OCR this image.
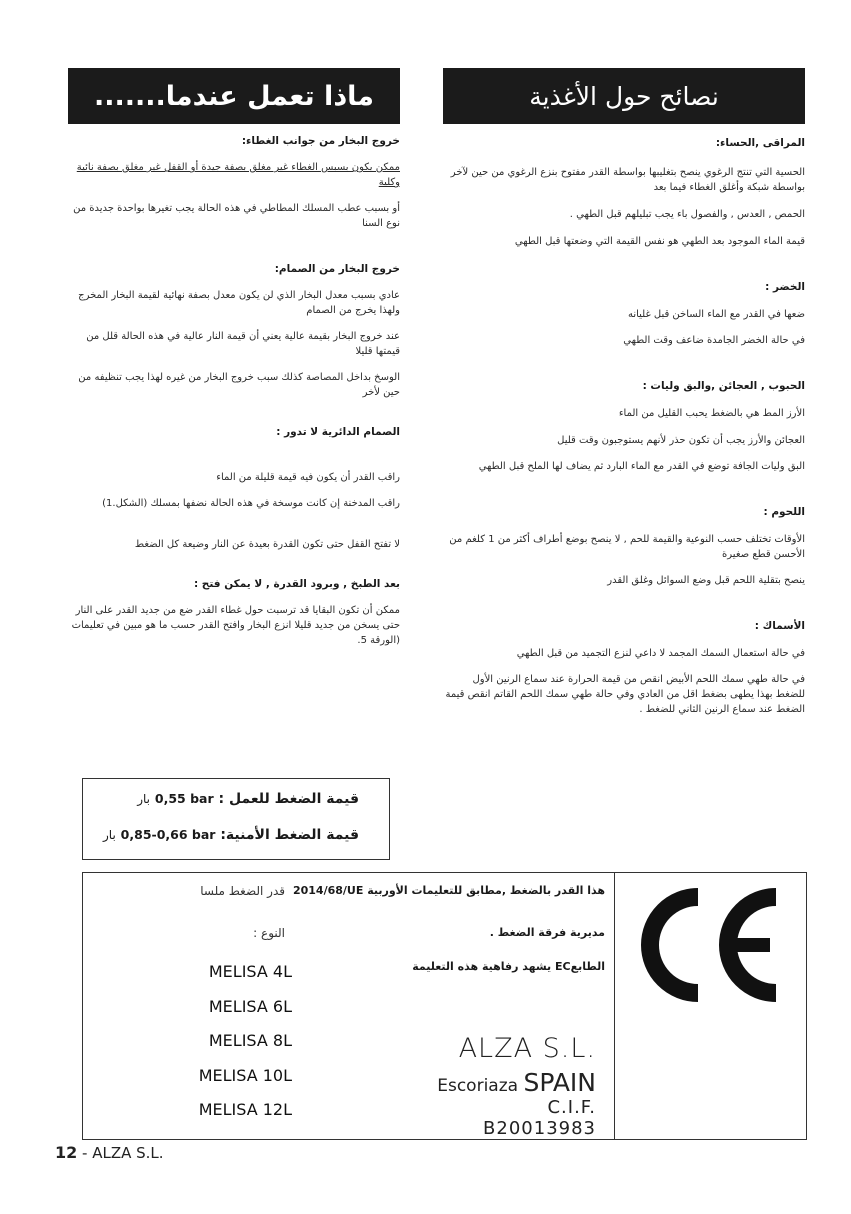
ماذا تعمل عندما.......

خروج البخار من جوانب الغطاء:

ممكن يكون بسبس الغطاء غير مغلق بصفة جيدة أو القفل غير مغلق بصفة نائية وكلية

أو بسبب عطب المسلك المطاطي في هذه الحالة يجب تغيرها بواحدة جديدة من نوع السنا

خروج البخار من الصمام:

عادي بسبب معدل البخار الذي لن يكون معدل بصفة نهائية لقيمة البخار المخرج ولهذا يخرج من الصمام

عند خروج البخار بقيمة عالية يعني أن قيمة النار عالية في هذه الحالة قلل من قيمتها قليلا

الوسخ بداخل المصاصة كذلك سبب خروج البخار من غيره لهذا يجب تنظيفه من حين لأخر

الصمام الدائرية لا تدور :

راقب القدر أن يكون فيه قيمة قليلة من الماء

راقب المدخنة إن كانت موسخة في هذه الحالة نضفها بمسلك (الشكل.1)

لا تفتح القفل حتى تكون القدرة بعيدة عن النار وضيعة كل الضغط

بعد الطبخ , وبرود القدرة , لا يمكن فتح :

ممكن أن تكون البقايا قد ترسبت حول غطاء القدر ضع من جديد القدر على النار حتى يسخن من جديد قليلا انزع البخار وافتح القدر حسب ما هو مبين في تعليمات (الورقة 5.

نصائح حول الأغذية

المراقى ,الحساء:

الحسية التي تنتج الرغوي ينصح بتغليبها بواسطة القدر مفتوح بنزع الرغوي من حين لآخر بواسطة شبكة وأغلق الغطاء فيما بعد

الحمص , العدس , والفصول باء يجب تبليلهم قبل الطهي .

قيمة الماء الموجود بعد الطهي هو نفس القيمة التي وضعتها قبل الطهي

الخضر :

ضعها في القدر مع الماء الساخن قبل غليانه

في حالة الخضر الجامدة ضاعف وقت الطهي

الحبوب , العجائن ,والبق وليات :

الأرز المط هي بالضغط يحبب القليل من الماء

العجائن والأرز يجب أن تكون حذر لأنهم يستوجبون وقت قليل

البق وليات الجافة توضع في القدر مع الماء البارد ثم يضاف لها الملح قبل الطهي

اللحوم :

الأوقات تختلف حسب النوعية والقيمة للحم , لا ينصح بوضع أطراف أكثر من 1 كلغم من الأحسن قطع صغيرة

ينصح بتقلية اللحم قبل وضع السوائل وغلق القدر

الأسماك :

في حالة استعمال السمك المجمد لا داعي لنزع التجميد من قبل الطهي

في حالة طهي سمك اللحم الأبيض انقص من قيمة الحرارة عند سماع الرنين الأول للضغط بهذا يطهى بضغط اقل من العادي وفي حالة طهي سمك اللحم القاتم انقص قيمة الضغط عند سماع الرنين الثاني للضغط .

قيمة الضغط للعمل : 0,55 bar بار
قيمة الضغط الأمنية: 0,85-0,66 bar بار
قدر الضغط ملسا
النوع :
هذا القدر بالضغط ,مطابق للتعليمات الأوربية 2014/68/UE
مديرية فرقة الضغط .
الطابعEC يشهد رفاهية هذه التعليمة
MELISA 4L
MELISA 6L
MELISA 8L
MELISA 10L
MELISA 12L
ALZA S.L.
Escoriaza SPAIN
C.I.F. B20013983
12 - ALZA S.L.
